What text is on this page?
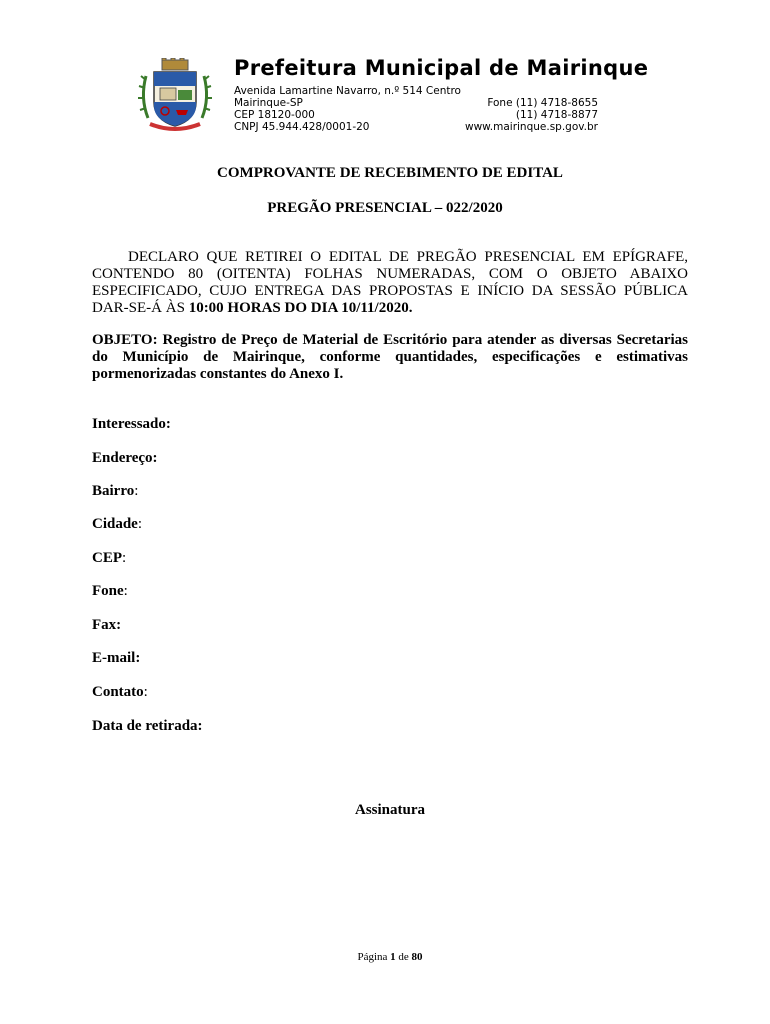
Prefeitura Municipal de Mairinque
Avenida Lamartine Navarro, n.º 514 Centro
Mairinque-SP
CEP 18120-000
CNPJ 45.944.428/0001-20
Fone (11) 4718-8655
(11) 4718-8877
www.mairinque.sp.gov.br
COMPROVANTE DE RECEBIMENTO DE EDITAL
PREGÃO PRESENCIAL – 022/2020
DECLARO QUE RETIREI O EDITAL DE PREGÃO PRESENCIAL EM EPÍGRAFE, CONTENDO 80 (OITENTA) FOLHAS NUMERADAS, COM O OBJETO ABAIXO ESPECIFICADO, CUJO ENTREGA DAS PROPOSTAS E INÍCIO DA SESSÃO PÚBLICA DAR-SE-Á ÀS 10:00 HORAS DO DIA 10/11/2020.
OBJETO: Registro de Preço de Material de Escritório para atender as diversas Secretarias do Município de Mairinque, conforme quantidades, especificações e estimativas pormenorizadas constantes do Anexo I.
Interessado:
Endereço:
Bairro:
Cidade:
CEP:
Fone:
Fax:
E-mail:
Contato:
Data de retirada:
Assinatura
Página 1 de 80
